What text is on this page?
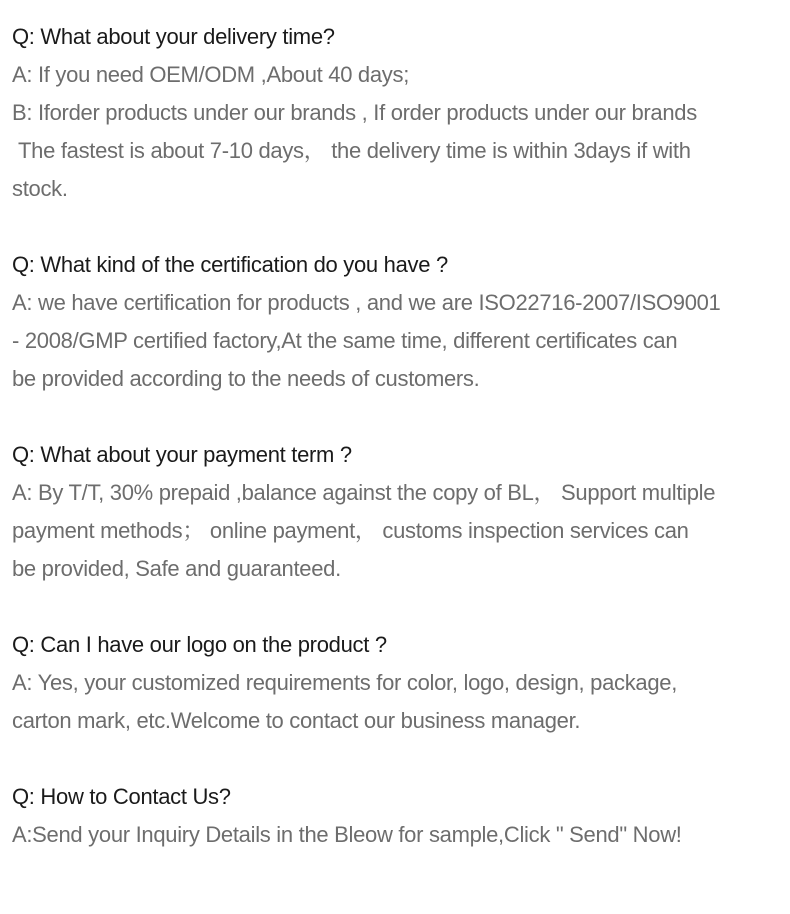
Q: What about your delivery time?
A: If you need OEM/ODM ,About 40 days;
B: Iforder products under our brands , If order products under our brands
The fastest is about 7-10 days， the delivery time is within 3days if with
stock.
Q: What kind of the certification do you have ?
A: we have certification for products , and we are ISO22716-2007/ISO9001
- 2008/GMP certified factory,At the same time, different certificates can
be provided according to the needs of customers.
Q: What about your payment term ?
A: By T/T, 30% prepaid ,balance against the copy of BL， Support multiple
payment methods； online payment， customs inspection services can
be provided, Safe and guaranteed.
Q: Can I have our logo on the product ?
A: Yes, your customized requirements for color, logo, design, package,
carton mark, etc.Welcome to contact our business manager.
Q: How to Contact Us?
A:Send your Inquiry Details in the Bleow for sample,Click " Send" Now!
